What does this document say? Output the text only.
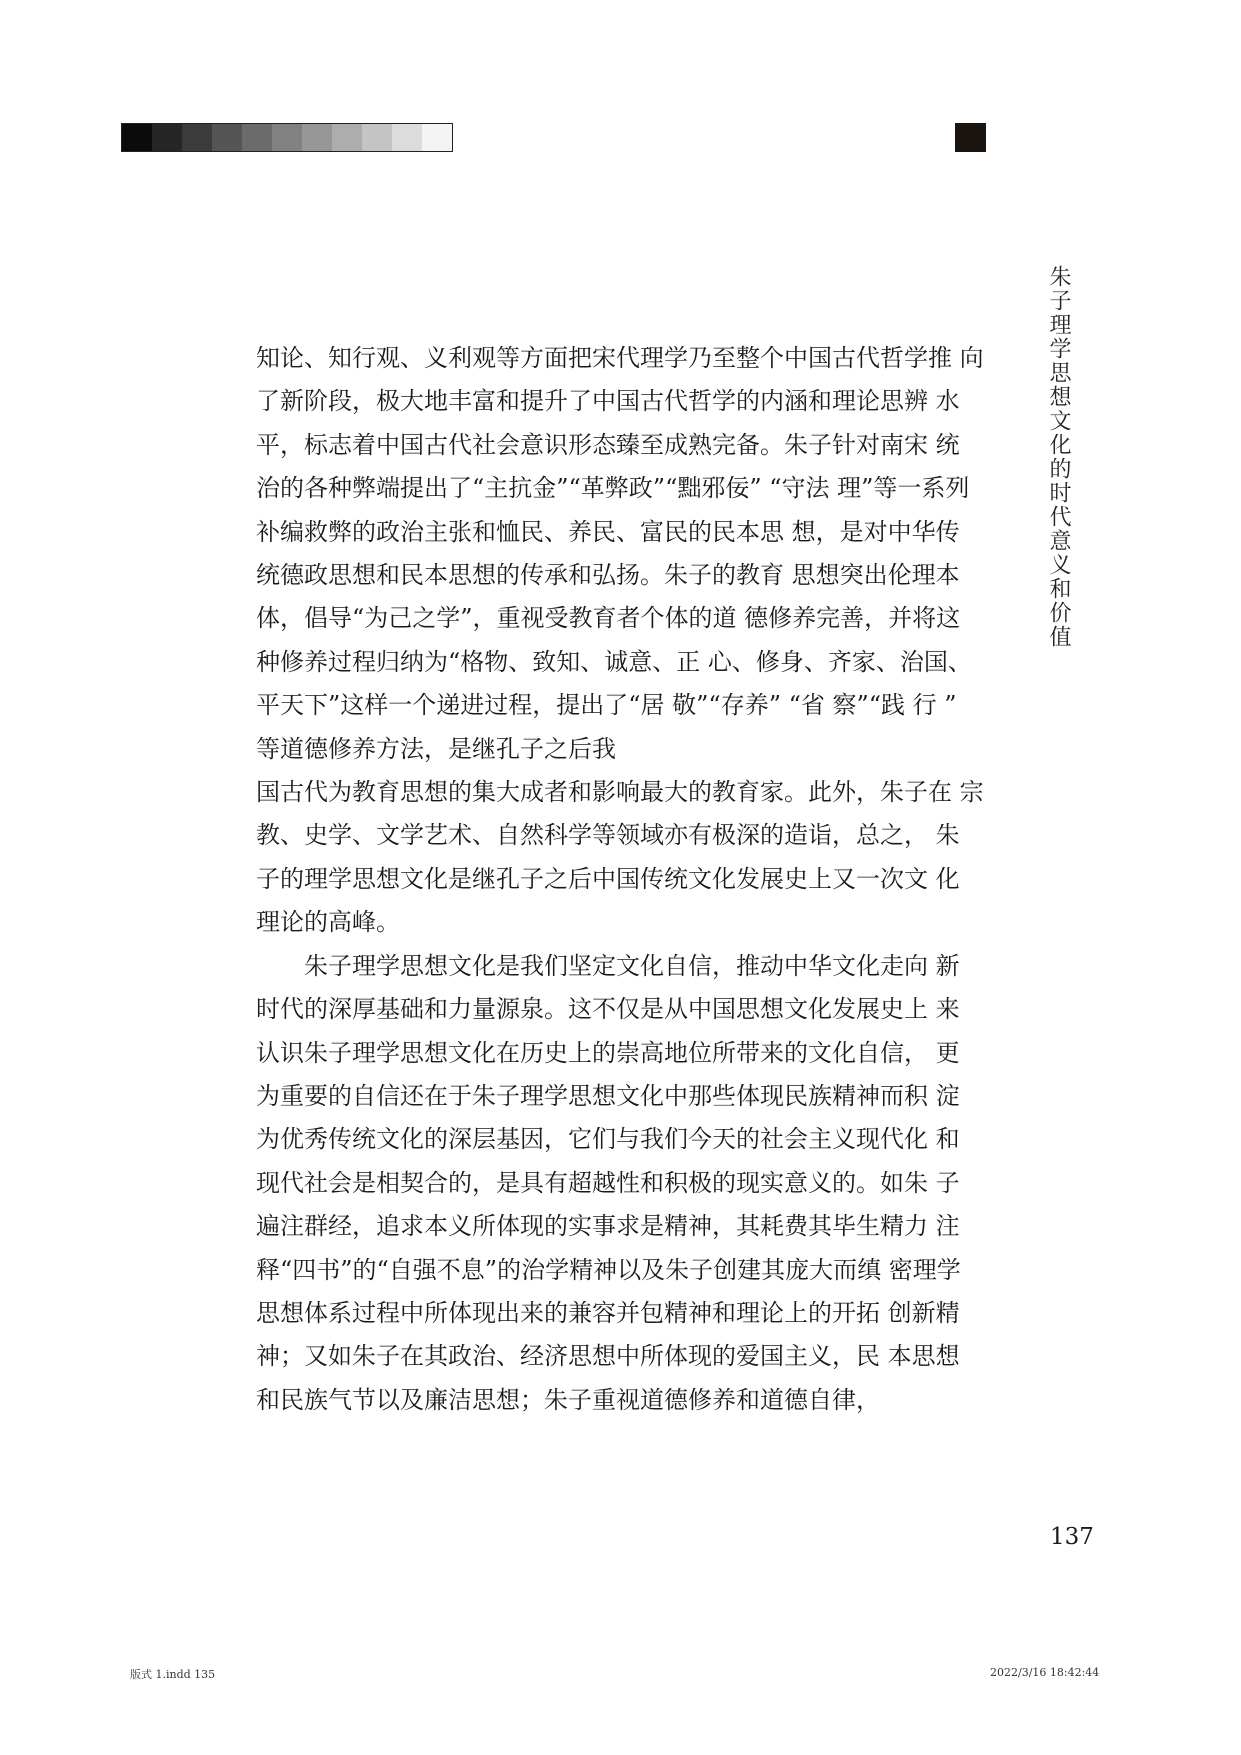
朱子理学思想文化的时代意义和价值

知论、知行观、义利观等方面把宋代理学乃至整个中国古代哲学推 向

了新阶段，极大地丰富和提升了中国古代哲学的内涵和理论思辨 水

平，标志着中国古代社会意识形态臻至成熟完备。朱子针对南宋 统

治的各种弊端提出了“主抗金”“革弊政”“黜邪佞” “守法 理”等一系列

补编救弊的政治主张和恤民、养民、富民的民本思 想，是对中华传

统德政思想和民本思想的传承和弘扬。朱子的教育 思想突出伦理本

体，倡导“为己之学”，重视受教育者个体的道 德修养完善，并将这

种修养过程归纳为“格物、致知、诚意、正 心、修身、齐家、治国、

平天下”这样一个递进过程，提出了“居 敬”“存养” “省 察”“践 行 ”

等道德修养方法，是继孔子之后我

国古代为教育思想的集大成者和影响最大的教育家。此外，朱子在 宗

教、史学、文学艺术、自然科学等领域亦有极深的造诣，总之， 朱

子的理学思想文化是继孔子之后中国传统文化发展史上又一次文 化

理论的高峰。

朱子理学思想文化是我们坚定文化自信，推动中华文化走向 新

时代的深厚基础和力量源泉。这不仅是从中国思想文化发展史上 来

认识朱子理学思想文化在历史上的崇高地位所带来的文化自信， 更

为重要的自信还在于朱子理学思想文化中那些体现民族精神而积 淀

为优秀传统文化的深层基因，它们与我们今天的社会主义现代化 和

现代社会是相契合的，是具有超越性和积极的现实意义的。如朱 子

遍注群经，追求本义所体现的实事求是精神，其耗费其毕生精力 注

释“四书”的“自强不息”的治学精神以及朱子创建其庞大而缜 密理学

思想体系过程中所体现出来的兼容并包精神和理论上的开拓 创新精

神；又如朱子在其政治、经济思想中所体现的爱国主义，民 本思想

和民族气节以及廉洁思想；朱子重视道德修养和道德自律，

137
版式 1.indd 135	2022/3/16 18:42:44
